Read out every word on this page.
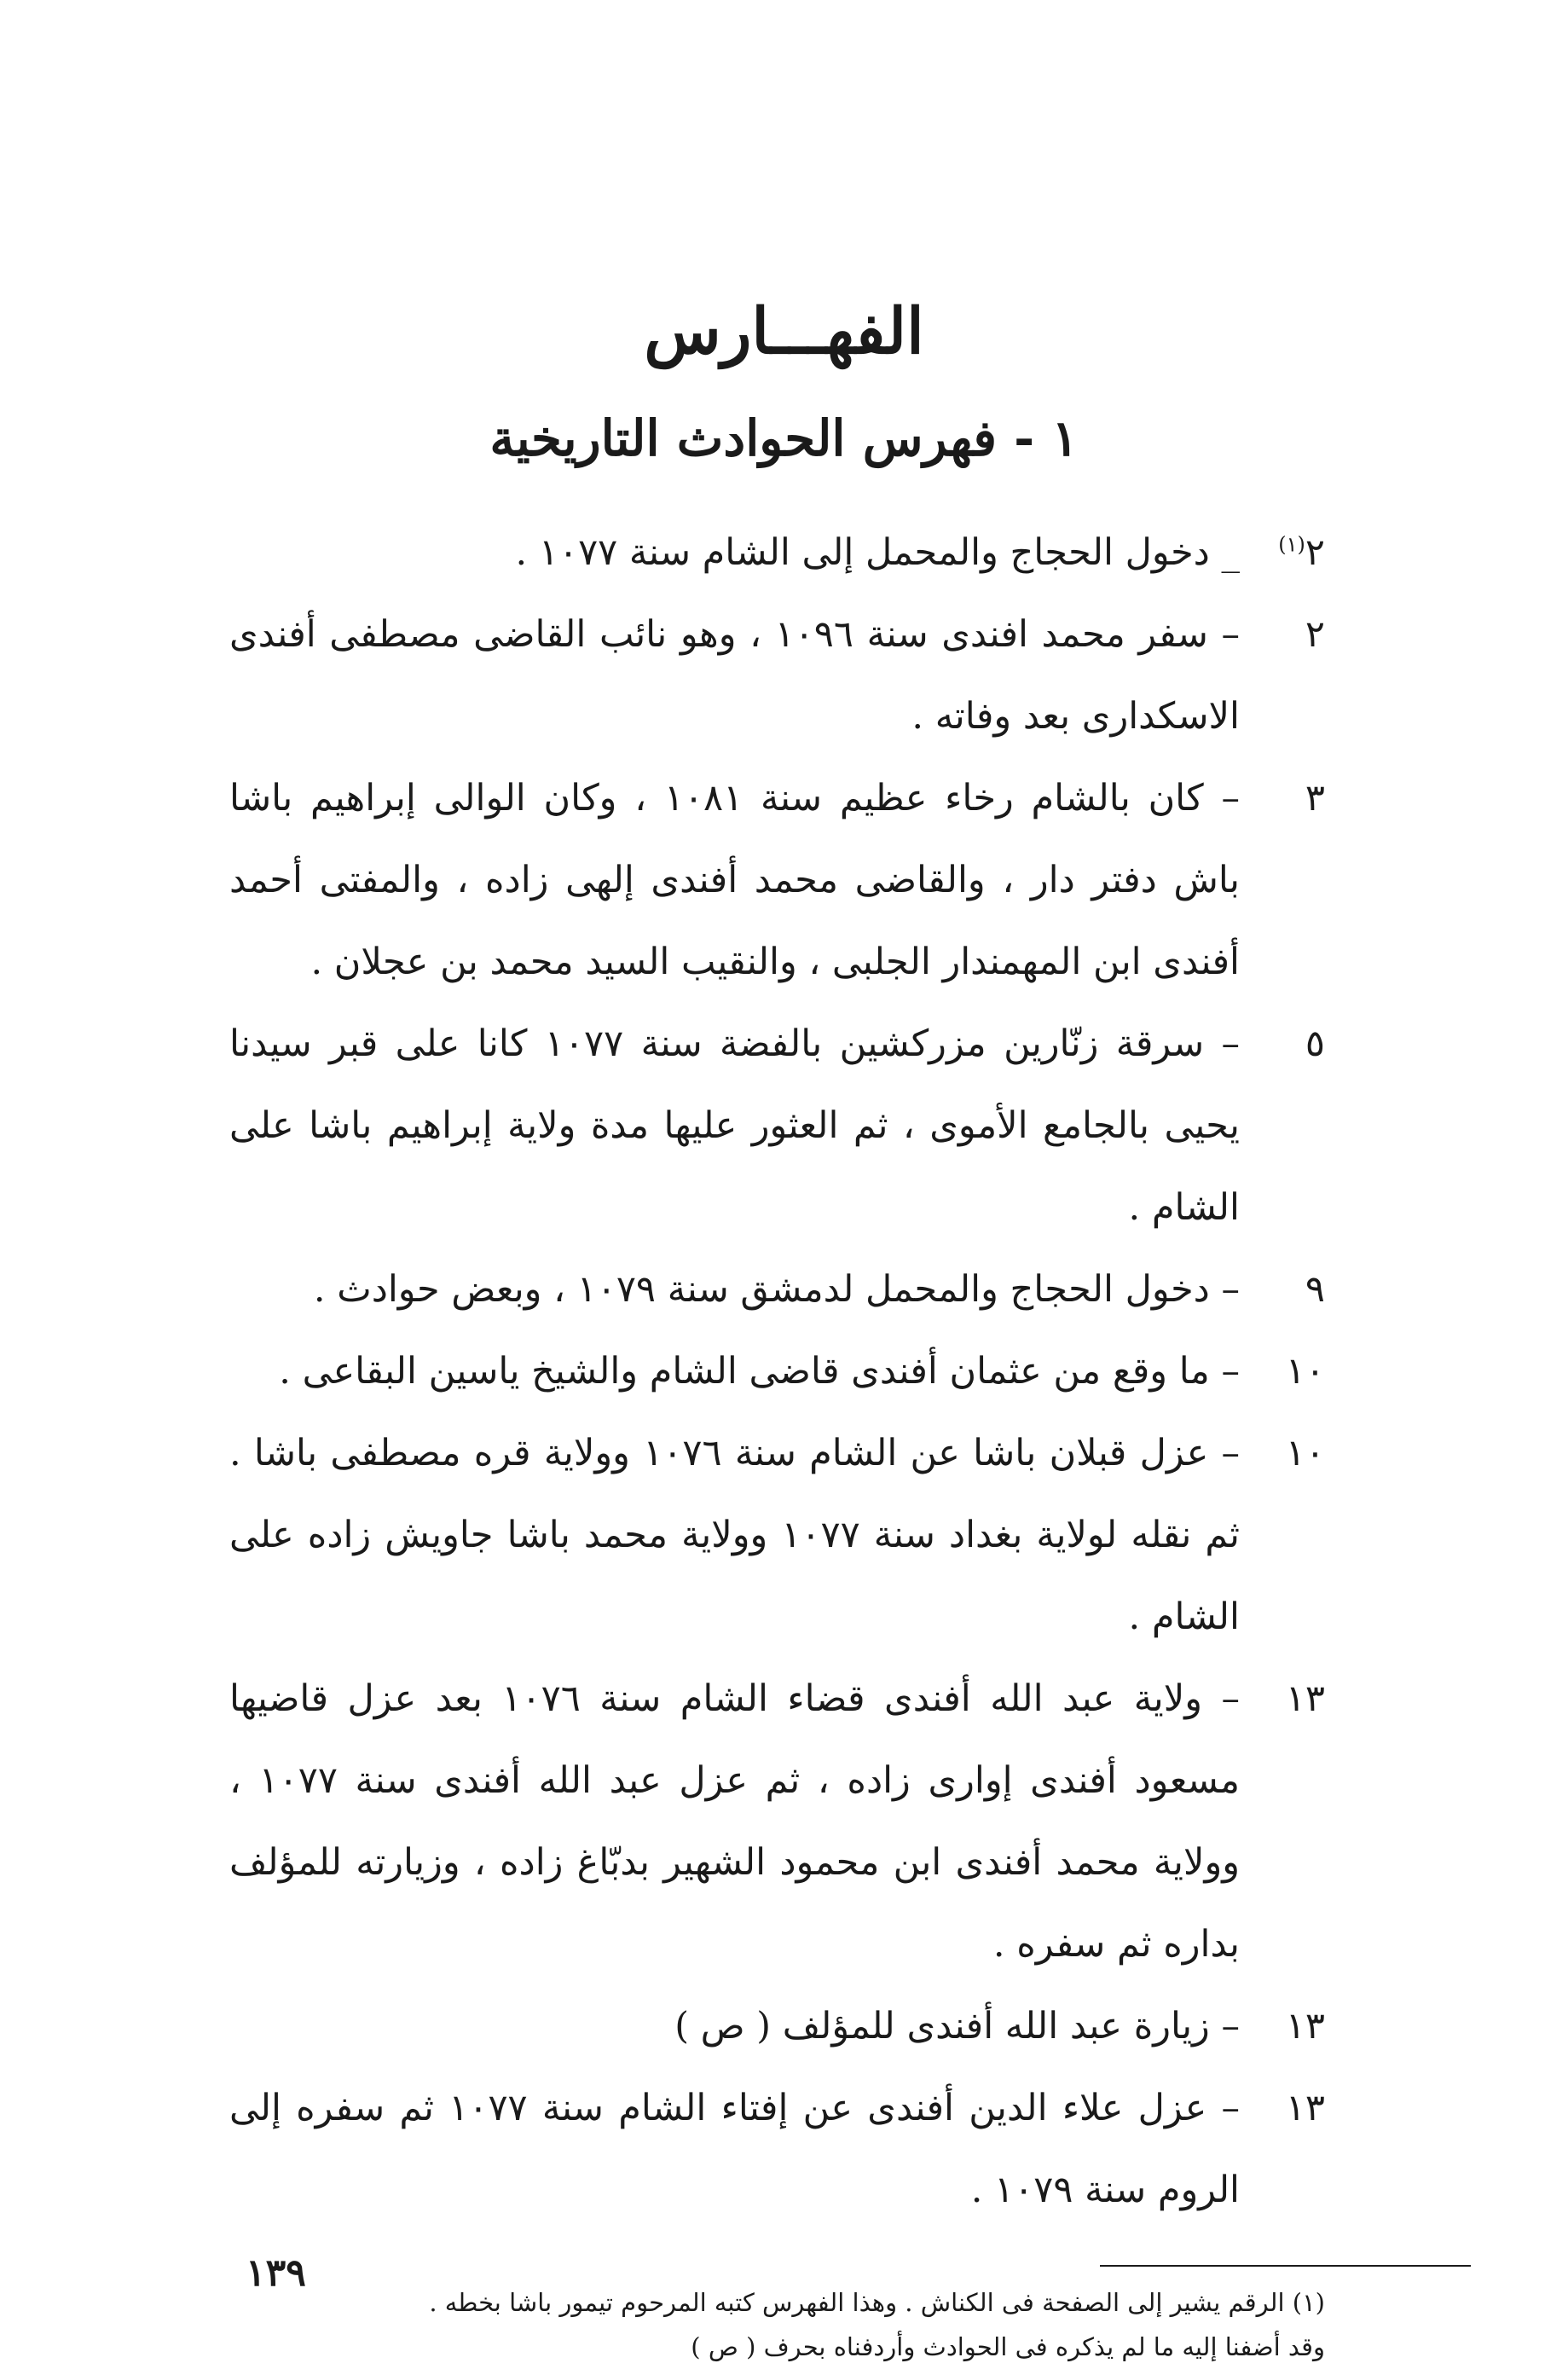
الفهـــارس
١ - فهرس الحوادث التاريخية
٢$^{(١)}$
_ دخول الحجاج والمحمل إلى الشام سنة ١٠٧٧ .
٢
– سفر محمد افندى سنة ١٠٩٦ ، وهو نائب القاضى مصطفى أفندى الاسكدارى بعد وفاته .
٣
– كان بالشام رخاء عظيم سنة ١٠٨١ ، وكان الوالى إبراهيم باشا باش دفتر دار ، والقاضى محمد أفندى إلهى زاده ، والمفتى أحمد أفندى ابن المهمندار الجلبى ، والنقيب السيد محمد بن عجلان .
٥
– سرقة زنّارين مزركشين بالفضة سنة ١٠٧٧ كانا على قبر سيدنا يحيى بالجامع الأموى ، ثم العثور عليها مدة ولاية إبراهيم باشا على الشام .
٩
– دخول الحجاج والمحمل لدمشق سنة ١٠٧٩ ، وبعض حوادث .
١٠
– ما وقع من عثمان أفندى قاضى الشام والشيخ ياسين البقاعى .
١٠
– عزل قبلان باشا عن الشام سنة ١٠٧٦ وولاية قره مصطفى باشا . ثم نقله لولاية بغداد سنة ١٠٧٧ وولاية محمد باشا جاويش زاده على الشام .
١٣
– ولاية عبد الله أفندى قضاء الشام سنة ١٠٧٦ بعد عزل قاضيها مسعود أفندى إوارى زاده ، ثم عزل عبد الله أفندى سنة ١٠٧٧ ، وولاية محمد أفندى ابن محمود الشهير بدبّاغ زاده ، وزيارته للمؤلف بداره ثم سفره .
١٣
– زيارة عبد الله أفندى للمؤلف ( ص )
١٣
– عزل علاء الدين أفندى عن إفتاء الشام سنة ١٠٧٧ ثم سفره إلى الروم سنة ١٠٧٩ .
(١) الرقم يشير إلى الصفحة فى الكناش . وهذا الفهرس كتبه المرحوم تيمور باشا بخطه .
وقد أضفنا إليه ما لم يذكره فى الحوادث وأردفناه بحرف ( ص )
١٣٩
